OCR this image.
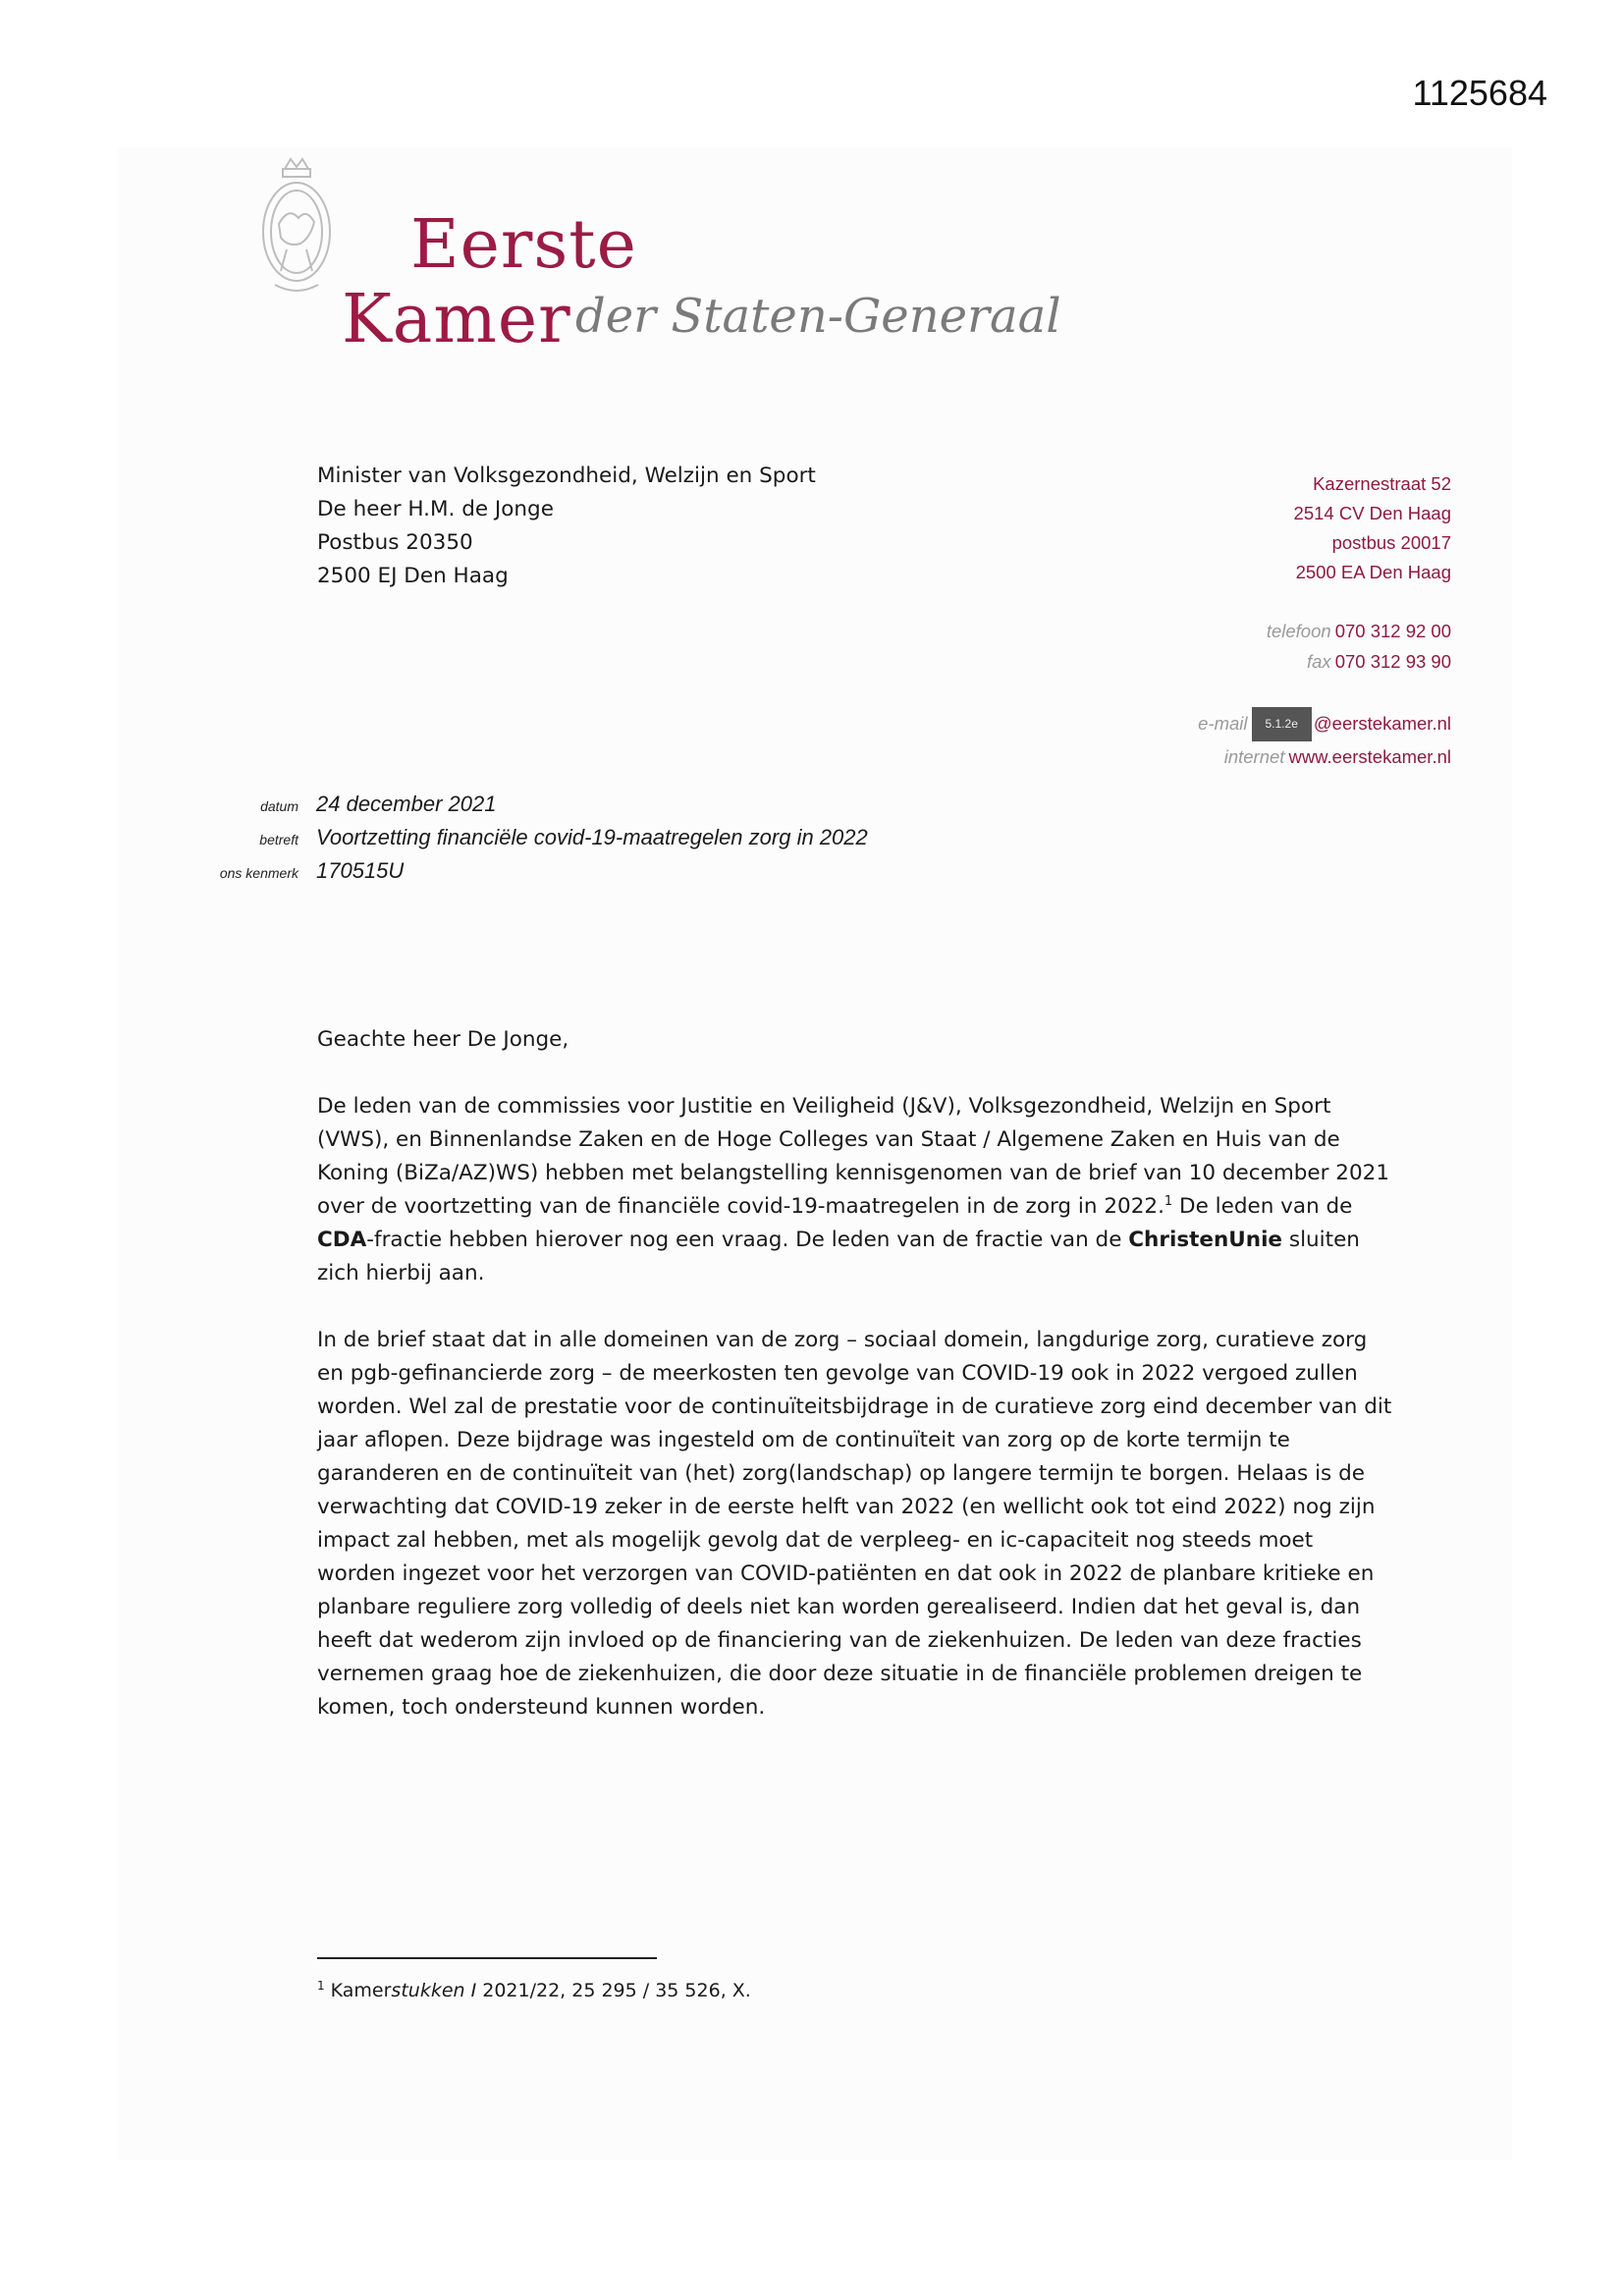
1125684
Eerste
Kamer der Staten-Generaal
Minister van Volksgezondheid, Welzijn en Sport
De heer H.M. de Jonge
Postbus 20350
2500 EJ Den Haag
Kazernestraat 52
2514 CV Den Haag
postbus 20017
2500 EA Den Haag
telefoon 070 312 92 00
fax 070 312 93 90
e-mail 5.1.2e @eerstekamer.nl
internet www.eerstekamer.nl
datum 24 december 2021
betreft Voortzetting financiële covid-19-maatregelen zorg in 2022
ons kenmerk 170515U

Geachte heer De Jonge,

De leden van de commissies voor Justitie en Veiligheid (J&V), Volksgezondheid, Welzijn en Sport (VWS), en Binnenlandse Zaken en de Hoge Colleges van Staat / Algemene Zaken en Huis van de Koning (BiZa/AZ)WS) hebben met belangstelling kennisgenomen van de brief van 10 december 2021 over de voortzetting van de financiële covid-19-maatregelen in de zorg in 2022.$^1$ De leden van de CDA-fractie hebben hierover nog een vraag. De leden van de fractie van de ChristenUnie sluiten zich hierbij aan.

In de brief staat dat in alle domeinen van de zorg – sociaal domein, langdurige zorg, curatieve zorg en pgb-gefinancierde zorg – de meerkosten ten gevolge van COVID-19 ook in 2022 vergoed zullen worden. Wel zal de prestatie voor de continuïteitsbijdrage in de curatieve zorg eind december van dit jaar aflopen. Deze bijdrage was ingesteld om de continuïteit van zorg op de korte termijn te garanderen en de continuïteit van (het) zorg(landschap) op langere termijn te borgen. Helaas is de verwachting dat COVID-19 zeker in de eerste helft van 2022 (en wellicht ook tot eind 2022) nog zijn impact zal hebben, met als mogelijk gevolg dat de verpleeg- en ic-capaciteit nog steeds moet worden ingezet voor het verzorgen van COVID-patiënten en dat ook in 2022 de planbare kritieke en planbare reguliere zorg volledig of deels niet kan worden gerealiseerd. Indien dat het geval is, dan heeft dat wederom zijn invloed op de financiering van de ziekenhuizen. De leden van deze fracties vernemen graag hoe de ziekenhuizen, die door deze situatie in de financiële problemen dreigen te komen, toch ondersteund kunnen worden.

$^1$ Kamerstukken I 2021/22, 25 295 / 35 526, X.
